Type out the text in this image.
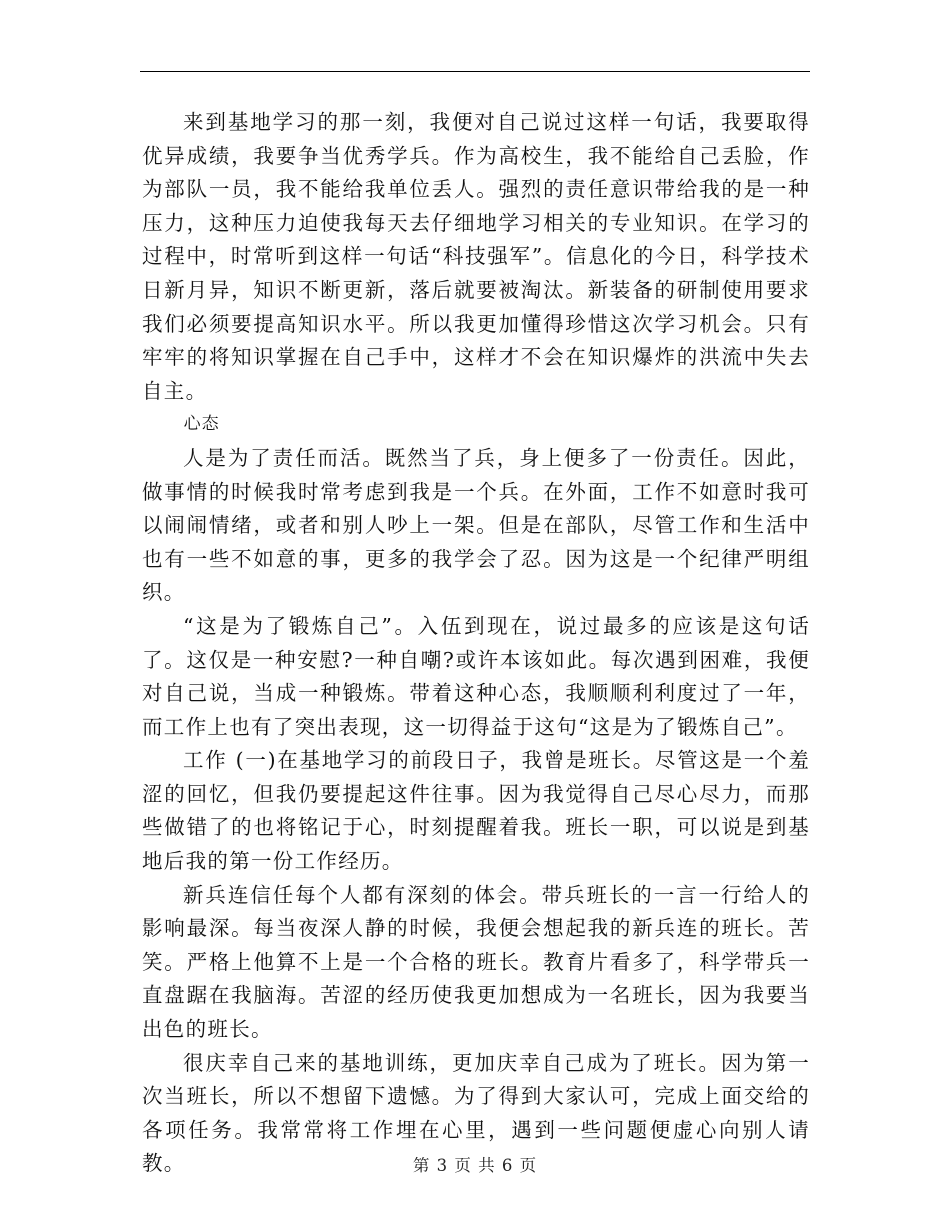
来到基地学习的那一刻，我便对自己说过这样一句话，我要取得优异成绩，我要争当优秀学兵。作为高校生，我不能给自己丢脸，作为部队一员，我不能给我单位丢人。强烈的责任意识带给我的是一种压力，这种压力迫使我每天去仔细地学习相关的专业知识。在学习的过程中，时常听到这样一句话“科技强军”。信息化的今日，科学技术日新月异，知识不断更新，落后就要被淘汰。新装备的研制使用要求我们必须要提高知识水平。所以我更加懂得珍惜这次学习机会。只有牢牢的将知识掌握在自己手中，这样才不会在知识爆炸的洪流中失去自主。

心态

人是为了责任而活。既然当了兵，身上便多了一份责任。因此，做事情的时候我时常考虑到我是一个兵。在外面，工作不如意时我可以闹闹情绪，或者和别人吵上一架。但是在部队，尽管工作和生活中也有一些不如意的事，更多的我学会了忍。因为这是一个纪律严明组织。

“这是为了锻炼自己”。入伍到现在，说过最多的应该是这句话了。这仅是一种安慰?一种自嘲?或许本该如此。每次遇到困难，我便对自己说，当成一种锻炼。带着这种心态，我顺顺利利度过了一年，而工作上也有了突出表现，这一切得益于这句“这是为了锻炼自己”。

工作 (一)在基地学习的前段日子，我曾是班长。尽管这是一个羞涩的回忆，但我仍要提起这件往事。因为我觉得自己尽心尽力，而那些做错了的也将铭记于心，时刻提醒着我。班长一职，可以说是到基地后我的第一份工作经历。

新兵连信任每个人都有深刻的体会。带兵班长的一言一行给人的影响最深。每当夜深人静的时候，我便会想起我的新兵连的班长。苦笑。严格上他算不上是一个合格的班长。教育片看多了，科学带兵一直盘踞在我脑海。苦涩的经历使我更加想成为一名班长，因为我要当出色的班长。

很庆幸自己来的基地训练，更加庆幸自己成为了班长。因为第一次当班长，所以不想留下遗憾。为了得到大家认可，完成上面交给的各项任务。我常常将工作埋在心里，遇到一些问题便虚心向别人请教。	第 3 页 共 6 页
